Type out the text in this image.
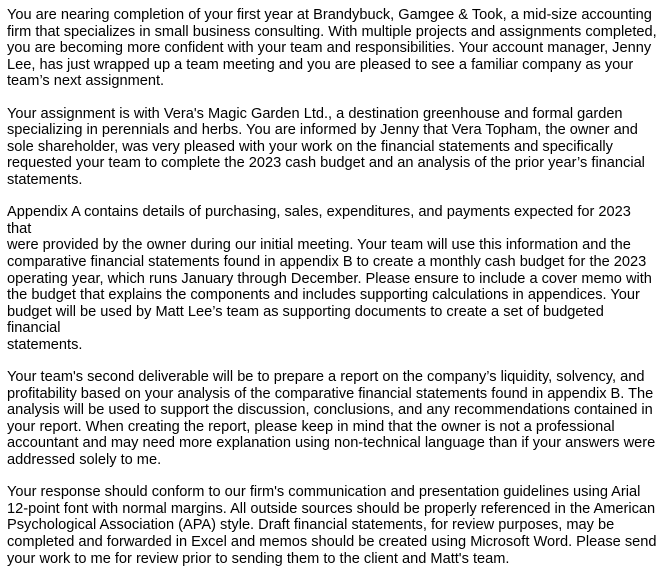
You are nearing completion of your first year at Brandybuck, Gamgee & Took, a mid-size accounting
firm that specializes in small business consulting. With multiple projects and assignments completed,
you are becoming more confident with your team and responsibilities. Your account manager, Jenny
Lee, has just wrapped up a team meeting and you are pleased to see a familiar company as your
team’s next assignment.

Your assignment is with Vera's Magic Garden Ltd., a destination greenhouse and formal garden
specializing in perennials and herbs. You are informed by Jenny that Vera Topham, the owner and
sole shareholder, was very pleased with your work on the financial statements and specifically
requested your team to complete the 2023 cash budget and an analysis of the prior year’s financial
statements.

Appendix A contains details of purchasing, sales, expenditures, and payments expected for 2023 that
were provided by the owner during our initial meeting. Your team will use this information and the
comparative financial statements found in appendix B to create a monthly cash budget for the 2023
operating year, which runs January through December. Please ensure to include a cover memo with
the budget that explains the components and includes supporting calculations in appendices. Your
budget will be used by Matt Lee’s team as supporting documents to create a set of budgeted financial
statements.

Your team's second deliverable will be to prepare a report on the company’s liquidity, solvency, and
profitability based on your analysis of the comparative financial statements found in appendix B. The
analysis will be used to support the discussion, conclusions, and any recommendations contained in
your report. When creating the report, please keep in mind that the owner is not a professional
accountant and may need more explanation using non-technical language than if your answers were
addressed solely to me.

Your response should conform to our firm's communication and presentation guidelines using Arial
12-point font with normal margins. All outside sources should be properly referenced in the American
Psychological Association (APA) style. Draft financial statements, for review purposes, may be
completed and forwarded in Excel and memos should be created using Microsoft Word. Please send
your work to me for review prior to sending them to the client and Matt's team.
